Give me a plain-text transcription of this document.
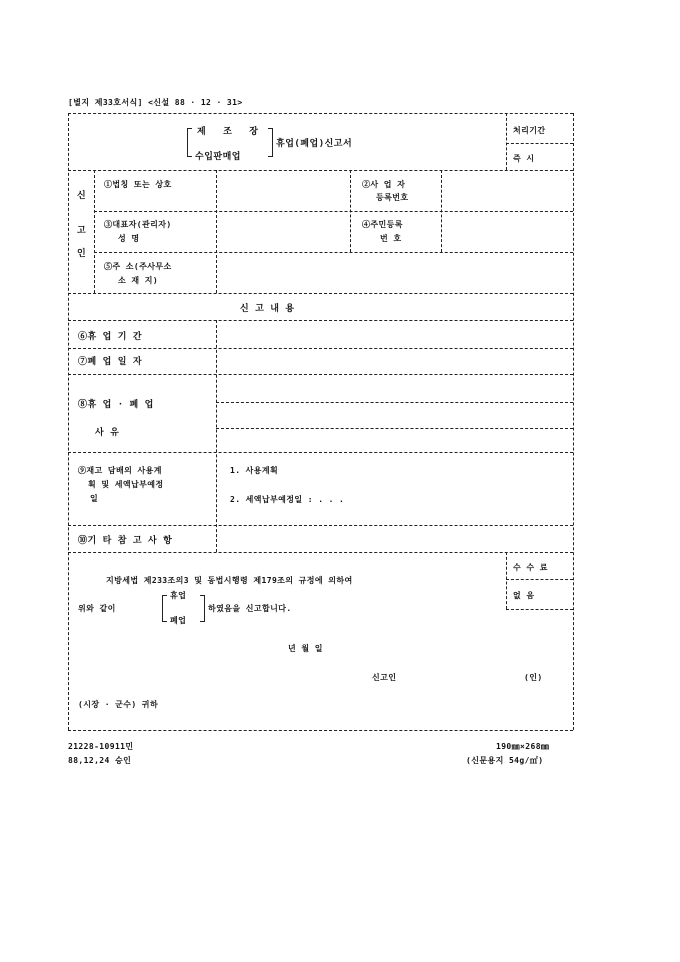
[별지 제33호서식] <신설 88 · 12 · 31>
제 조 장
수입판매업
휴업(폐업)신고서
처리기간
즉 시
신
고
인
①법칭 또는 상호	②사 업 자
등록번호
③대표자(관리자)
성 명
④주민등록
번 호
⑤주 소(주사무소
소 재 지)
신 고 내 용
⑥휴 업 기 간
⑦폐 업 일 자
⑧휴 업 · 폐 업
사 유
⑨재고 담배의 사용계
획 및 세액납부예정
일
1. 사용계획
2. 세액납부예정일 : . . .
⑩기 타 참 고 사 항
수 수 료
없 음
지방세법 제233조의3 및 동법시행령 제179조의 규정에 의하여
위와 같이
휴업
폐업
하였음을 신고합니다.
년 월 일
신고인	(인)
(시장 · 군수) 귀하
21228-10911민
88,12,24 승인
190㎜×268㎜
(신문용지 54g/㎡)
